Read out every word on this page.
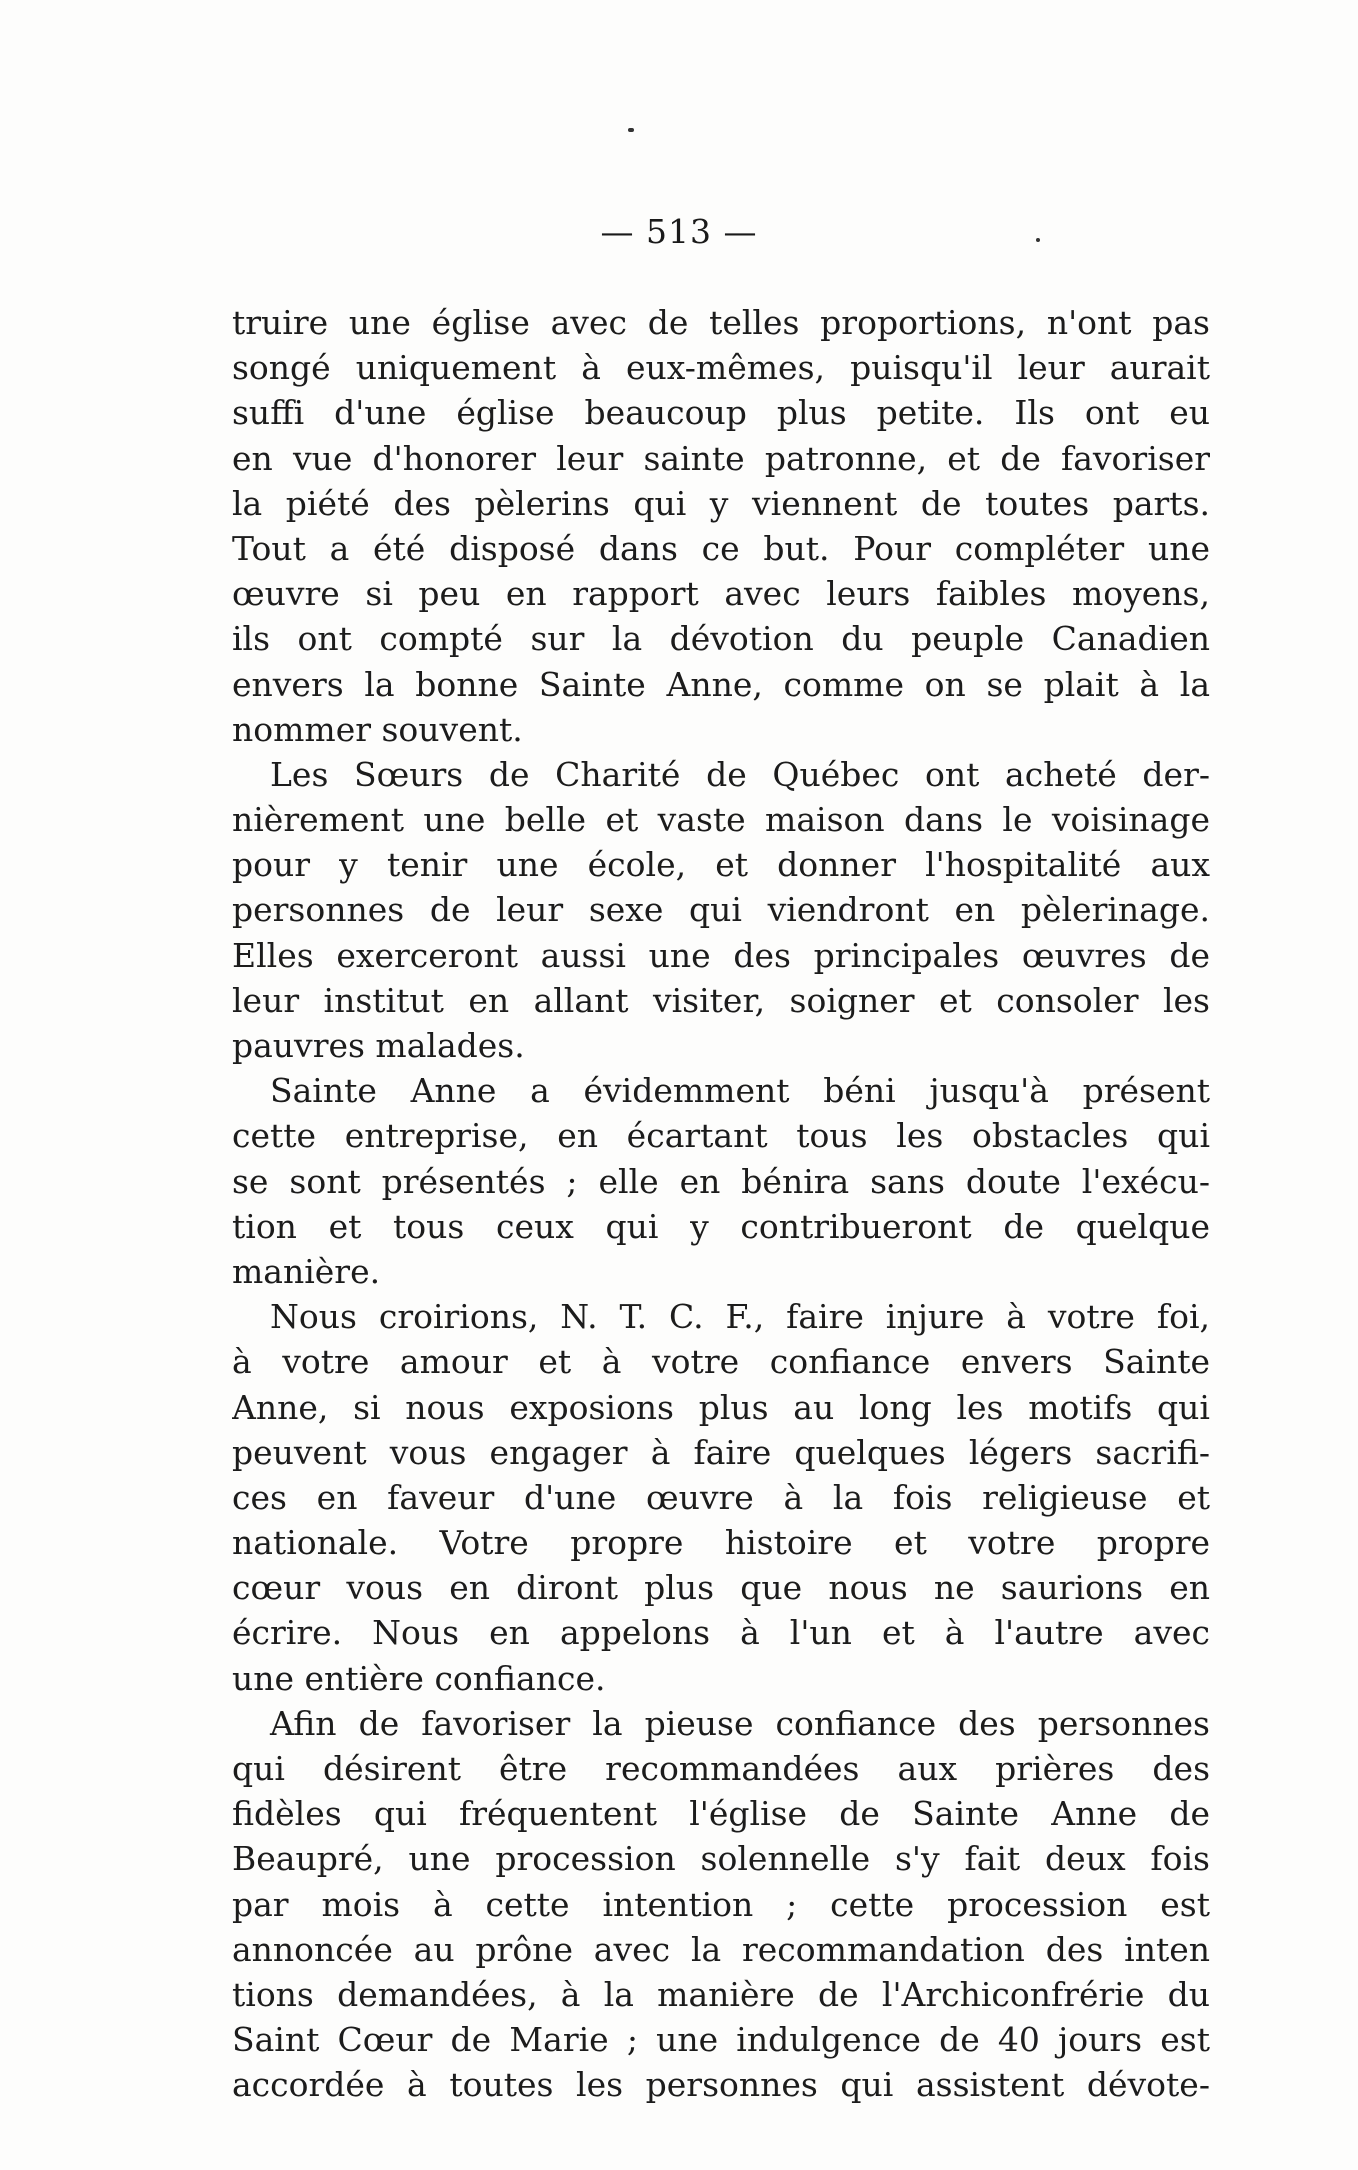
— 513 —
truire une église avec de telles proportions, n'ont pas
songé uniquement à eux-mêmes, puisqu'il leur aurait
suffi d'une église beaucoup plus petite. Ils ont eu
en vue d'honorer leur sainte patronne, et de favoriser
la piété des pèlerins qui y viennent de toutes parts.
Tout a été disposé dans ce but. Pour compléter une
œuvre si peu en rapport avec leurs faibles moyens,
ils ont compté sur la dévotion du peuple Canadien
envers la bonne Sainte Anne, comme on se plait à la
nommer souvent.
Les Sœurs de Charité de Québec ont acheté der-
nièrement une belle et vaste maison dans le voisinage
pour y tenir une école, et donner l'hospitalité aux
personnes de leur sexe qui viendront en pèlerinage.
Elles exerceront aussi une des principales œuvres de
leur institut en allant visiter, soigner et consoler les
pauvres malades.
Sainte Anne a évidemment béni jusqu'à présent
cette entreprise, en écartant tous les obstacles qui
se sont présentés ; elle en bénira sans doute l'exécu-
tion et tous ceux qui y contribueront de quelque
manière.
Nous croirions, N. T. C. F., faire injure à votre foi,
à votre amour et à votre confiance envers Sainte
Anne, si nous exposions plus au long les motifs qui
peuvent vous engager à faire quelques légers sacrifi-
ces en faveur d'une œuvre à la fois religieuse et
nationale. Votre propre histoire et votre propre
cœur vous en diront plus que nous ne saurions en
écrire. Nous en appelons à l'un et à l'autre avec
une entière confiance.
Afin de favoriser la pieuse confiance des personnes
qui désirent être recommandées aux prières des
fidèles qui fréquentent l'église de Sainte Anne de
Beaupré, une procession solennelle s'y fait deux fois
par mois à cette intention ; cette procession est
annoncée au prône avec la recommandation des inten
tions demandées, à la manière de l'Archiconfrérie du
Saint Cœur de Marie ; une indulgence de 40 jours est
accordée à toutes les personnes qui assistent dévote-
